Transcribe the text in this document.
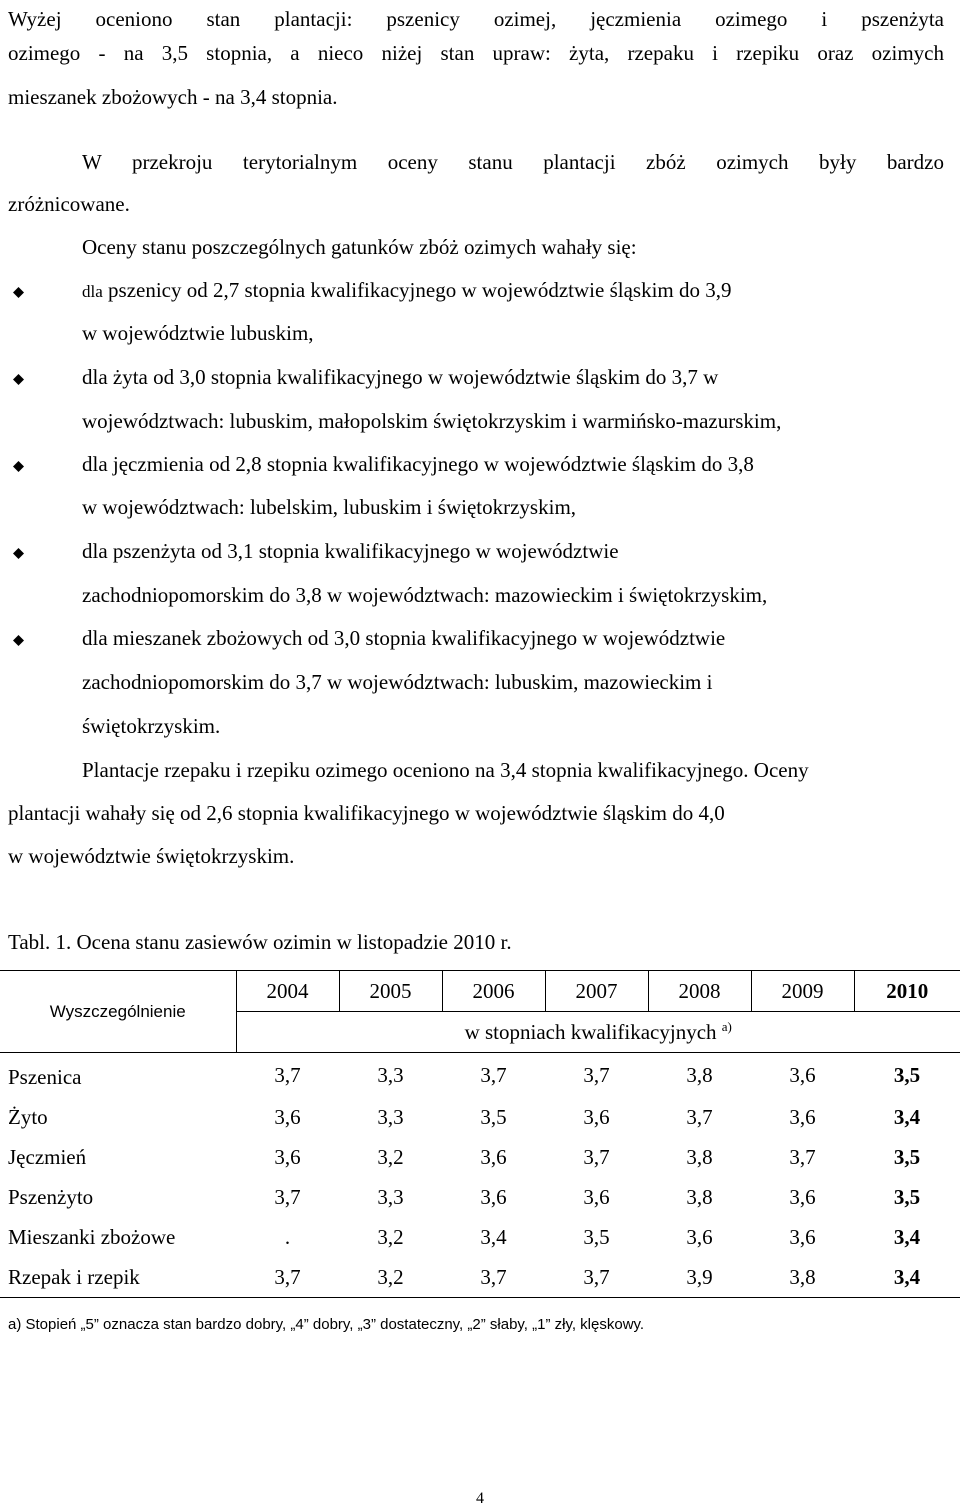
Wyżej oceniono stan plantacji: pszenicy ozimej, jęczmienia ozimego i pszenżyta

ozimego - na 3,5 stopnia, a nieco niżej stan upraw: żyta, rzepaku i rzepiku oraz ozimych

mieszanek zbożowych - na 3,4 stopnia.

W przekroju terytorialnym oceny stanu plantacji zbóż ozimych były bardzo

zróżnicowane.

Oceny stanu poszczególnych gatunków zbóż ozimych wahały się:

dla pszenicy od 2,7 stopnia kwalifikacyjnego w województwie śląskim do 3,9
w województwie lubuskim,
dla żyta od 3,0 stopnia kwalifikacyjnego w województwie śląskim do 3,7 w
województwach: lubuskim, małopolskim świętokrzyskim i warmińsko-mazurskim,
dla jęczmienia od 2,8 stopnia kwalifikacyjnego w województwie śląskim do 3,8
w województwach: lubelskim, lubuskim i świętokrzyskim,
dla pszenżyta od 3,1 stopnia kwalifikacyjnego w województwie
zachodniopomorskim do 3,8 w województwach: mazowieckim i świętokrzyskim,
dla mieszanek zbożowych od 3,0 stopnia kwalifikacyjnego w województwie
zachodniopomorskim do 3,7 w województwach: lubuskim, mazowieckim i
świętokrzyskim.

Plantacje rzepaku i rzepiku ozimego oceniono na 3,4 stopnia kwalifikacyjnego. Oceny

plantacji wahały się od 2,6 stopnia kwalifikacyjnego w województwie śląskim do 4,0

w województwie świętokrzyskim.

Tabl. 1. Ocena stanu zasiewów ozimin w listopadzie 2010 r.

Wyszczególnienie	2004	2005	2006	2007	2008	2009	2010
	w stopniach kwalifikacyjnych $^{a)}$
Pszenica	3,7	3,3	3,7	3,7	3,8	3,6	3,5
Żyto	3,6	3,3	3,5	3,6	3,7	3,6	3,4
Jęczmień	3,6	3,2	3,6	3,7	3,8	3,7	3,5
Pszenżyto	3,7	3,3	3,6	3,6	3,8	3,6	3,5
Mieszanki zbożowe	.	3,2	3,4	3,5	3,6	3,6	3,4
Rzepak i rzepik	3,7	3,2	3,7	3,7	3,9	3,8	3,4
a) Stopień „5” oznacza stan bardzo dobry, „4” dobry, „3” dostateczny, „2” słaby, „1” zły, klęskowy.
4
